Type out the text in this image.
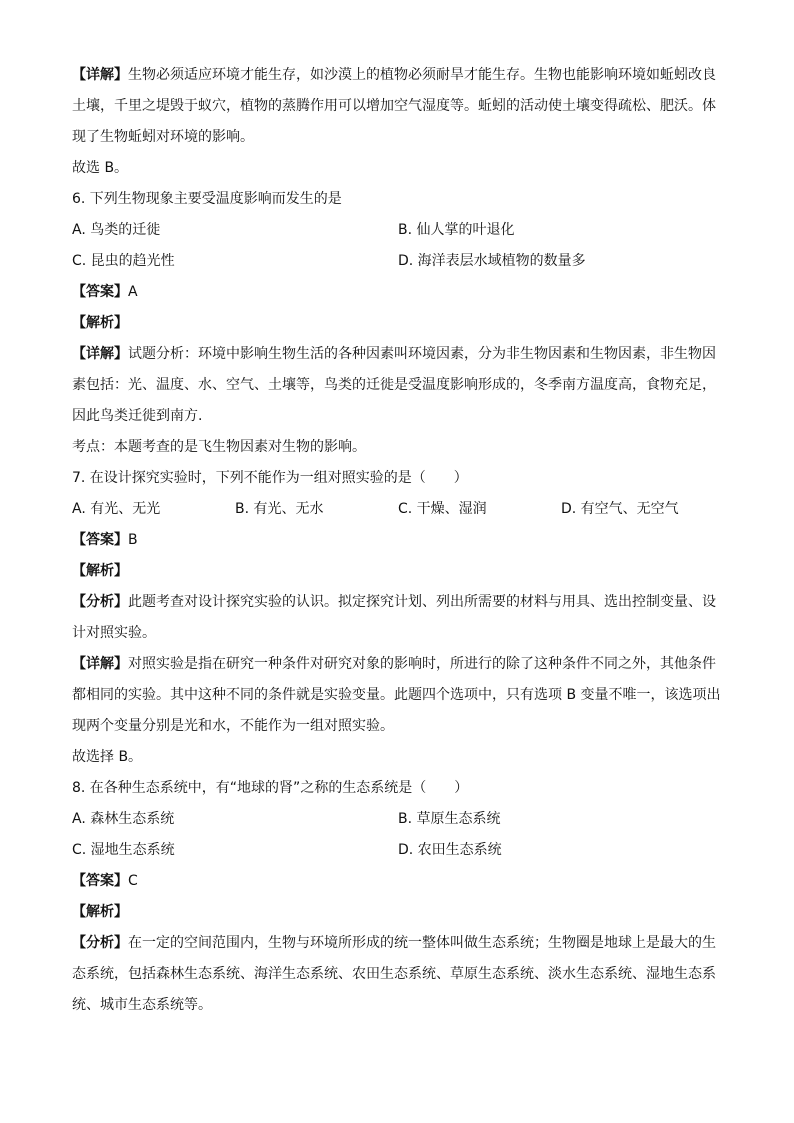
【详解】生物必须适应环境才能生存，如沙漠上的植物必须耐旱才能生存。生物也能影响环境如蚯蚓改良土壤，千里之堤毁于蚁穴，植物的蒸腾作用可以增加空气湿度等。蚯蚓的活动使土壤变得疏松、肥沃。体现了生物蚯蚓对环境的影响。

故选 B。

6. 下列生物现象主要受温度影响而发生的是

A. 鸟类的迁徙	B. 仙人掌的叶退化
C. 昆虫的趋光性	D. 海洋表层水域植物的数量多

【答案】A

【解析】

【详解】试题分析：环境中影响生物生活的各种因素叫环境因素，分为非生物因素和生物因素，非生物因素包括：光、温度、水、空气、土壤等，鸟类的迁徙是受温度影响形成的，冬季南方温度高，食物充足，因此鸟类迁徙到南方.

考点：本题考查的是飞生物因素对生物的影响。

7. 在设计探究实验时，下列不能作为一组对照实验的是（　　）

A. 有光、无光	B. 有光、无水	C. 干燥、湿润	D. 有空气、无空气

【答案】B

【解析】

【分析】此题考查对设计探究实验的认识。拟定探究计划、列出所需要的材料与用具、选出控制变量、设计对照实验。

【详解】对照实验是指在研究一种条件对研究对象的影响时，所进行的除了这种条件不同之外，其他条件都相同的实验。其中这种不同的条件就是实验变量。此题四个选项中，只有选项 B 变量不唯一，该选项出现两个变量分别是光和水，不能作为一组对照实验。

故选择 B。

8. 在各种生态系统中，有“地球的肾”之称的生态系统是（　　）

A. 森林生态系统	B. 草原生态系统
C. 湿地生态系统	D. 农田生态系统

【答案】C

【解析】

【分析】在一定的空间范围内，生物与环境所形成的统一整体叫做生态系统；生物圈是地球上是最大的生态系统，包括森林生态系统、海洋生态系统、农田生态系统、草原生态系统、淡水生态系统、湿地生态系统、城市生态系统等。
